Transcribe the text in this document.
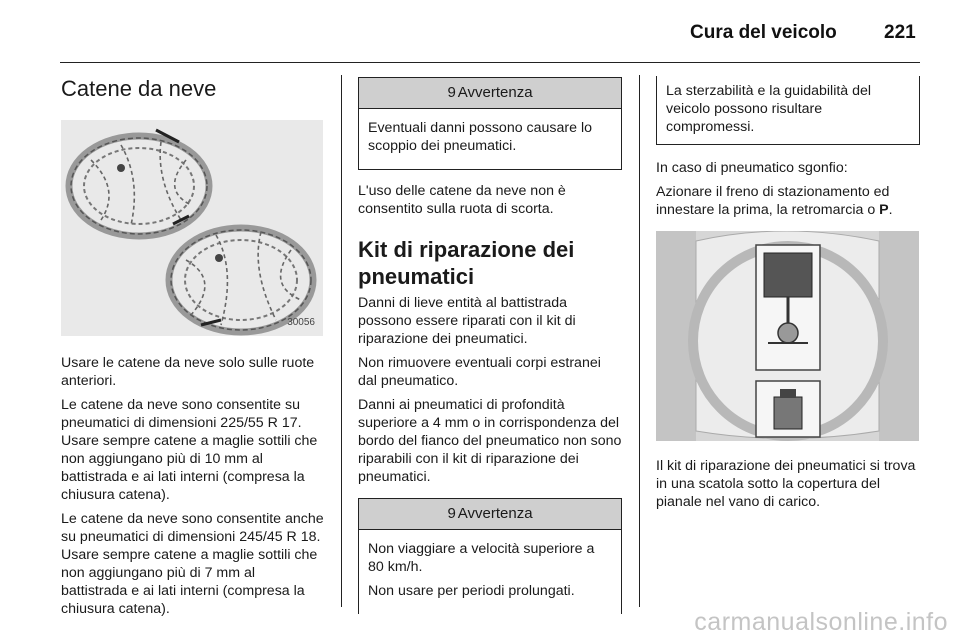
Cura del veicolo 221
Catene da neve
30056

Usare le catene da neve solo sulle ruote anteriori.

Le catene da neve sono consentite su pneumatici di dimensioni 225/55 R 17. Usare sempre catene a maglie sottili che non aggiungano più di 10 mm al battistrada e ai lati interni (compresa la chiusura catena).

Le catene da neve sono consentite anche su pneumatici di dimensioni 245/45 R 18. Usare sempre catene a maglie sottili che non aggiungano più di 7 mm al battistrada e ai lati interni (compresa la chiusura catena).

9 Avvertenza

Eventuali danni possono causare lo scoppio dei pneumatici.

L'uso delle catene da neve non è consentito sulla ruota di scorta.

Kit di riparazione dei pneumatici

Danni di lieve entità al battistrada possono essere riparati con il kit di riparazione dei pneumatici.

Non rimuovere eventuali corpi estranei dal pneumatico.

Danni ai pneumatici di profondità superiore a 4 mm o in corrispondenza del bordo del fianco del pneumatico non sono riparabili con il kit di riparazione dei pneumatici.

9 Avvertenza

Non viaggiare a velocità superiore a 80 km/h.

Non usare per periodi prolungati.

La sterzabilità e la guidabilità del veicolo possono risultare compromessi.

In caso di pneumatico sgonfio:

Azionare il freno di stazionamento ed innestare la prima, la retromarcia o P.

Il kit di riparazione dei pneumatici si trova in una scatola sotto la copertura del pianale nel vano di carico.

carmanualsonline.info
